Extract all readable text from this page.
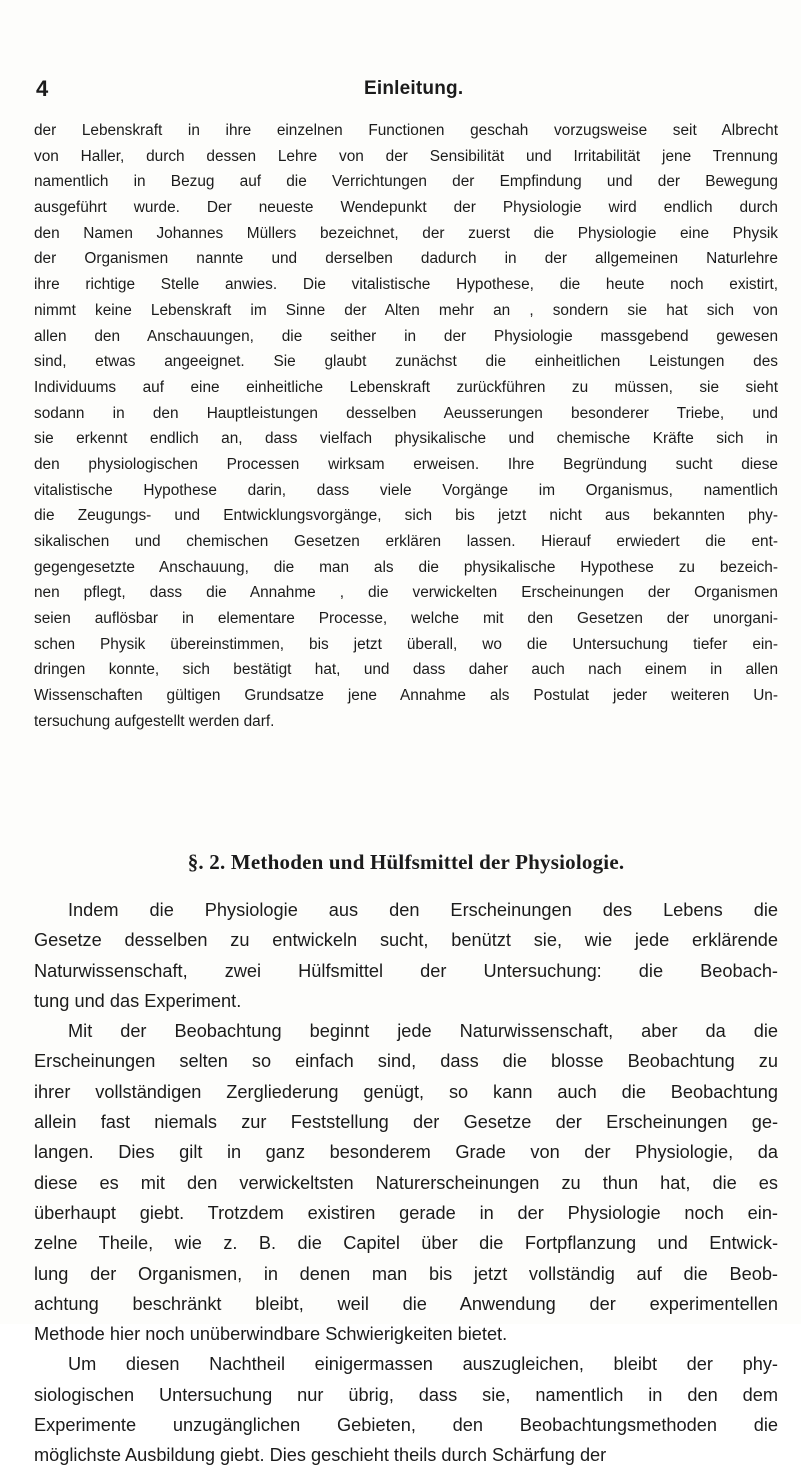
4	Einleitung.
der Lebenskraft in ihre einzelnen Functionen geschah vorzugsweise seit Albrecht
von Haller, durch dessen Lehre von der Sensibilität und Irritabilität jene Trennung
namentlich in Bezug auf die Verrichtungen der Empfindung und der Bewegung
ausgeführt wurde. Der neueste Wendepunkt der Physiologie wird endlich durch
den Namen Johannes Müllers bezeichnet, der zuerst die Physiologie eine Physik
der Organismen nannte und derselben dadurch in der allgemeinen Naturlehre
ihre richtige Stelle anwies. Die vitalistische Hypothese, die heute noch existirt,
nimmt keine Lebenskraft im Sinne der Alten mehr an , sondern sie hat sich von
allen den Anschauungen, die seither in der Physiologie massgebend gewesen
sind, etwas angeeignet. Sie glaubt zunächst die einheitlichen Leistungen des
Individuums auf eine einheitliche Lebenskraft zurückführen zu müssen, sie sieht
sodann in den Hauptleistungen desselben Aeusserungen besonderer Triebe, und
sie erkennt endlich an, dass vielfach physikalische und chemische Kräfte sich in
den physiologischen Processen wirksam erweisen. Ihre Begründung sucht diese
vitalistische Hypothese darin, dass viele Vorgänge im Organismus, namentlich
die Zeugungs- und Entwicklungsvorgänge, sich bis jetzt nicht aus bekannten phy-
sikalischen und chemischen Gesetzen erklären lassen. Hierauf erwiedert die ent-
gegengesetzte Anschauung, die man als die physikalische Hypothese zu bezeich-
nen pflegt, dass die Annahme , die verwickelten Erscheinungen der Organismen
seien auflösbar in elementare Processe, welche mit den Gesetzen der unorgani-
schen Physik übereinstimmen, bis jetzt überall, wo die Untersuchung tiefer ein-
dringen konnte, sich bestätigt hat, und dass daher auch nach einem in allen
Wissenschaften gültigen Grundsatze jene Annahme als Postulat jeder weiteren Un-
tersuchung aufgestellt werden darf.
§. 2. Methoden und Hülfsmittel der Physiologie.
Indem die Physiologie aus den Erscheinungen des Lebens die
Gesetze desselben zu entwickeln sucht, benützt sie, wie jede erklärende
Naturwissenschaft, zwei Hülfsmittel der Untersuchung: die Beobach-
tung und das Experiment.
Mit der Beobachtung beginnt jede Naturwissenschaft, aber da die
Erscheinungen selten so einfach sind, dass die blosse Beobachtung zu
ihrer vollständigen Zergliederung genügt, so kann auch die Beobachtung
allein fast niemals zur Feststellung der Gesetze der Erscheinungen ge-
langen. Dies gilt in ganz besonderem Grade von der Physiologie, da
diese es mit den verwickeltsten Naturerscheinungen zu thun hat, die es
überhaupt giebt. Trotzdem existiren gerade in der Physiologie noch ein-
zelne Theile, wie z. B. die Capitel über die Fortpflanzung und Entwick-
lung der Organismen, in denen man bis jetzt vollständig auf die Beob-
achtung beschränkt bleibt, weil die Anwendung der experimentellen
Methode hier noch unüberwindbare Schwierigkeiten bietet.
Um diesen Nachtheil einigermassen auszugleichen, bleibt der phy-
siologischen Untersuchung nur übrig, dass sie, namentlich in den dem
Experimente unzugänglichen Gebieten, den Beobachtungsmethoden die
möglichste Ausbildung giebt. Dies geschieht theils durch Schärfung der
